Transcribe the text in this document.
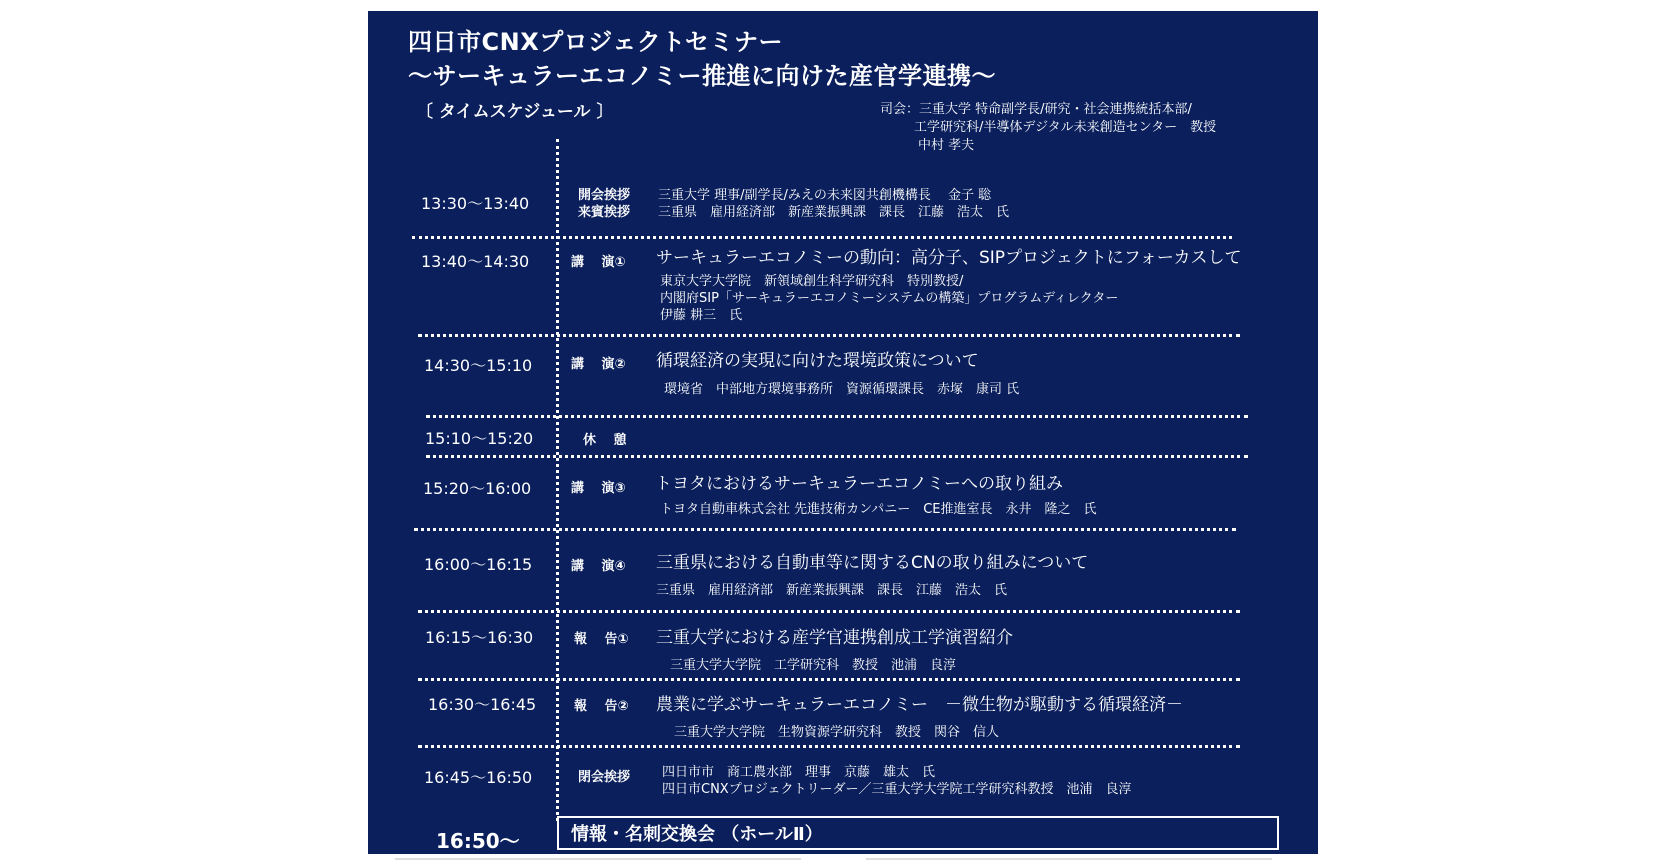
四日市CNXプロジェクトセミナー
～サーキュラーエコノミー推進に向けた産官学連携～
〔 タイムスケジュール 〕	司会：三重大学 特命副学長/研究・社会連携統括本部/
工学研究科/半導体デジタル未来創造センター　教授
中村 孝夫
13:30～13:40	開会挨拶
来賓挨拶
三重大学 理事/副学長/みえの未来図共創機構長　 金子 聡
三重県　雇用経済部　新産業振興課　課長　江藤　浩太　氏
13:40～14:30	講　 演① サーキュラーエコノミーの動向：高分子、SIPプロジェクトにフォーカスして
東京大学大学院　新領域創生科学研究科　特別教授/
内閣府SIP「サーキュラーエコノミーシステムの構築」プログラムディレクター
伊藤 耕三　氏
14:30～15:10	講　 演② 循環経済の実現に向けた環境政策について
環境省　中部地方環境事務所　資源循環課長　赤塚　康司 氏
15:10～15:20	休　 憩
15:20～16:00	講　 演③ トヨタにおけるサーキュラーエコノミーへの取り組み
トヨタ自動車株式会社 先進技術カンパニー　CE推進室長　永井　隆之　氏
16:00～16:15	講　 演④ 三重県における自動車等に関するCNの取り組みについて
三重県　雇用経済部　新産業振興課　課長　江藤　浩太　氏
16:15～16:30	報　 告① 三重大学における産学官連携創成工学演習紹介
三重大学大学院　工学研究科　教授　池浦　良淳
16:30～16:45	報　 告② 農業に学ぶサーキュラーエコノミー　－微生物が駆動する循環経済－
三重大学大学院　生物資源学研究科　教授　関谷　信人
16:45～16:50	閉会挨拶 四日市市　商工農水部　理事　京藤　雄太　氏
四日市CNXプロジェクトリーダー／三重大学大学院工学研究科教授　池浦　良淳
16:50～	情報・名刺交換会 （ホールⅡ）
